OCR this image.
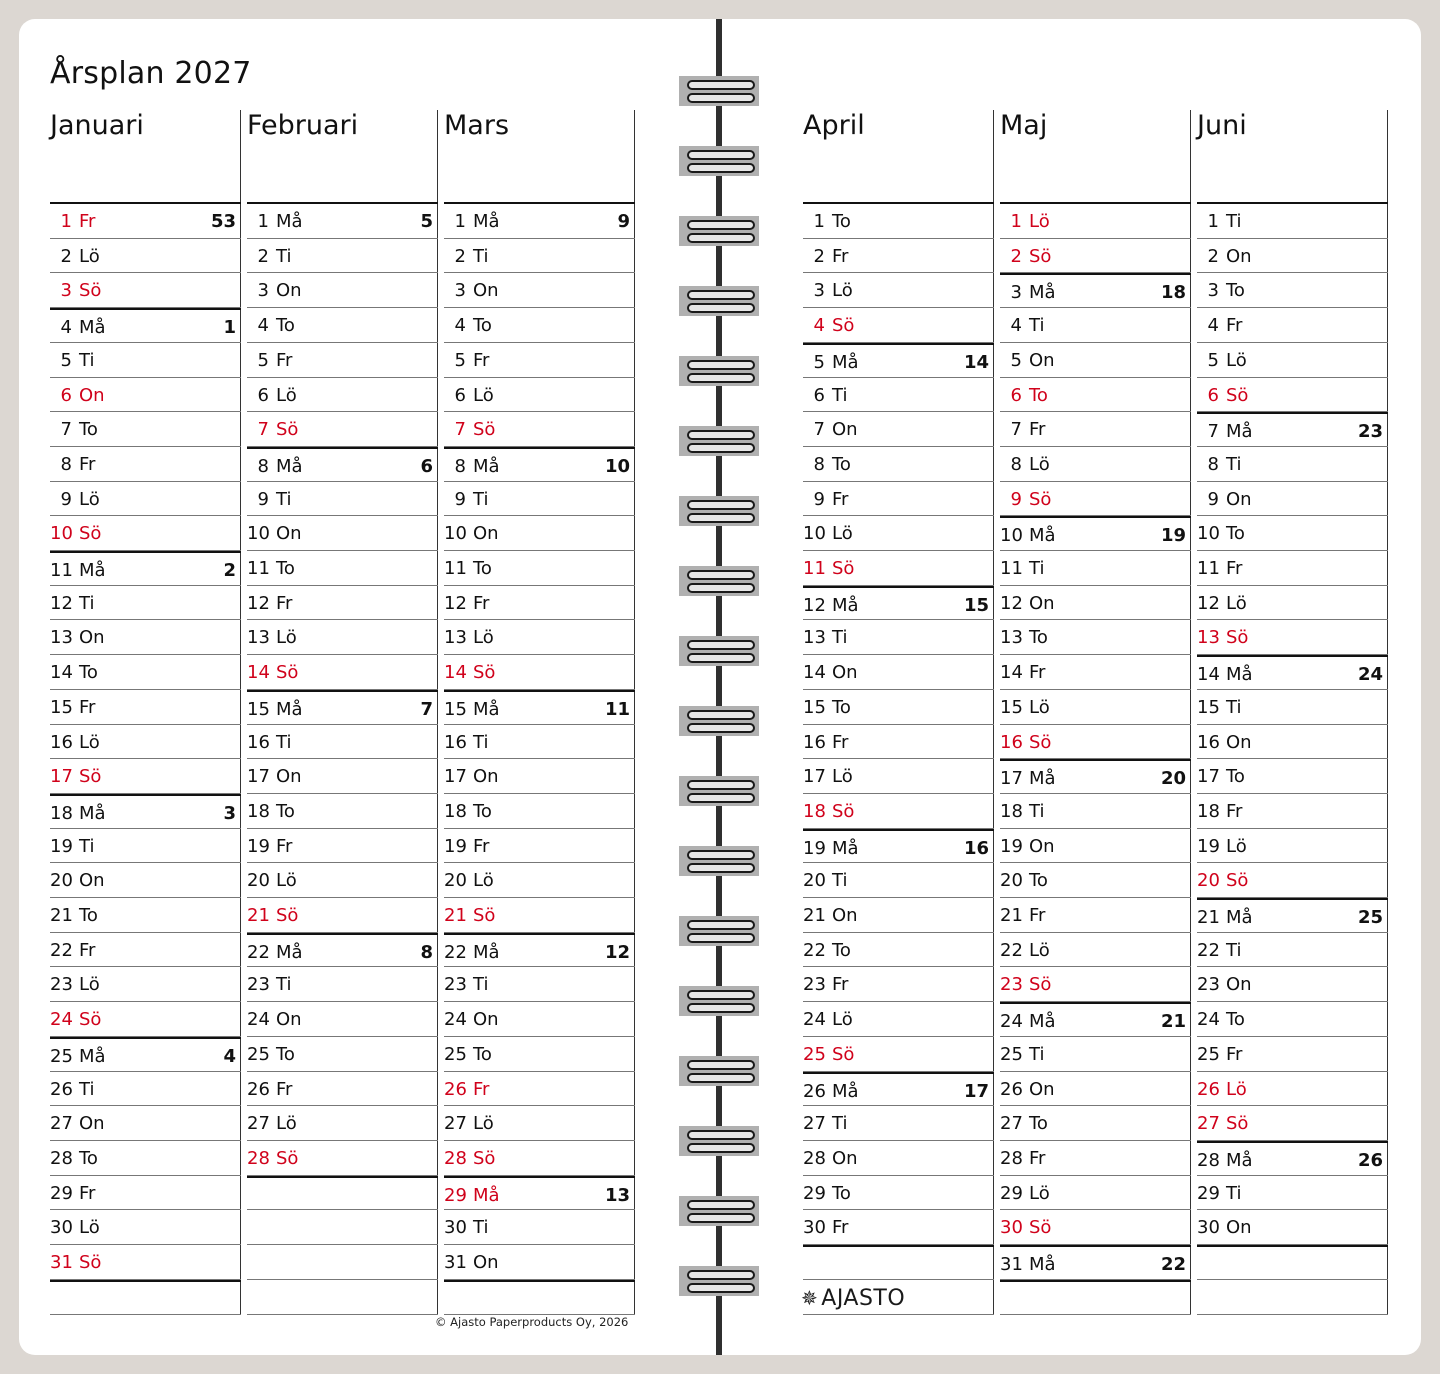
Årsplan 2027
Januari
1 Fr	53
2 Lö
3 Sö
4 Må	1
5 Ti
6 On
7 To
8 Fr
9 Lö
10 Sö
11 Må	2
12 Ti
13 On
14 To
15 Fr
16 Lö
17 Sö
18 Må	3
19 Ti
20 On
21 To
22 Fr
23 Lö
24 Sö
25 Må	4
26 Ti
27 On
28 To
29 Fr
30 Lö
31 Sö
Februari
1 Må	5
2 Ti
3 On
4 To
5 Fr
6 Lö
7 Sö
8 Må	6
9 Ti
10 On
11 To
12 Fr
13 Lö
14 Sö
15 Må	7
16 Ti
17 On
18 To
19 Fr
20 Lö
21 Sö
22 Må	8
23 Ti
24 On
25 To
26 Fr
27 Lö
28 Sö
Mars
1 Må	9
2 Ti
3 On
4 To
5 Fr
6 Lö
7 Sö
8 Må	10
9 Ti
10 On
11 To
12 Fr
13 Lö
14 Sö
15 Må	11
16 Ti
17 On
18 To
19 Fr
20 Lö
21 Sö
22 Må	12
23 Ti
24 On
25 To
26 Fr
27 Lö
28 Sö
29 Må	13
30 Ti
31 On
April
1 To
2 Fr
3 Lö
4 Sö
5 Må	14
6 Ti
7 On
8 To
9 Fr
10 Lö
11 Sö
12 Må	15
13 Ti
14 On
15 To
16 Fr
17 Lö
18 Sö
19 Må	16
20 Ti
21 On
22 To
23 Fr
24 Lö
25 Sö
26 Må	17
27 Ti
28 On
29 To
30 Fr
Maj
1 Lö
2 Sö
3 Må	18
4 Ti
5 On
6 To
7 Fr
8 Lö
9 Sö
10 Må	19
11 Ti
12 On
13 To
14 Fr
15 Lö
16 Sö
17 Må	20
18 Ti
19 On
20 To
21 Fr
22 Lö
23 Sö
24 Må	21
25 Ti
26 On
27 To
28 Fr
29 Lö
30 Sö
31 Må	22
Juni
1 Ti
2 On
3 To
4 Fr
5 Lö
6 Sö
7 Må	23
8 Ti
9 On
10 To
11 Fr
12 Lö
13 Sö
14 Må	24
15 Ti
16 On
17 To
18 Fr
19 Lö
20 Sö
21 Må	25
22 Ti
23 On
24 To
25 Fr
26 Lö
27 Sö
28 Må	26
29 Ti
30 On
© Ajasto Paperproducts Oy, 2026
✵ AJASTO
